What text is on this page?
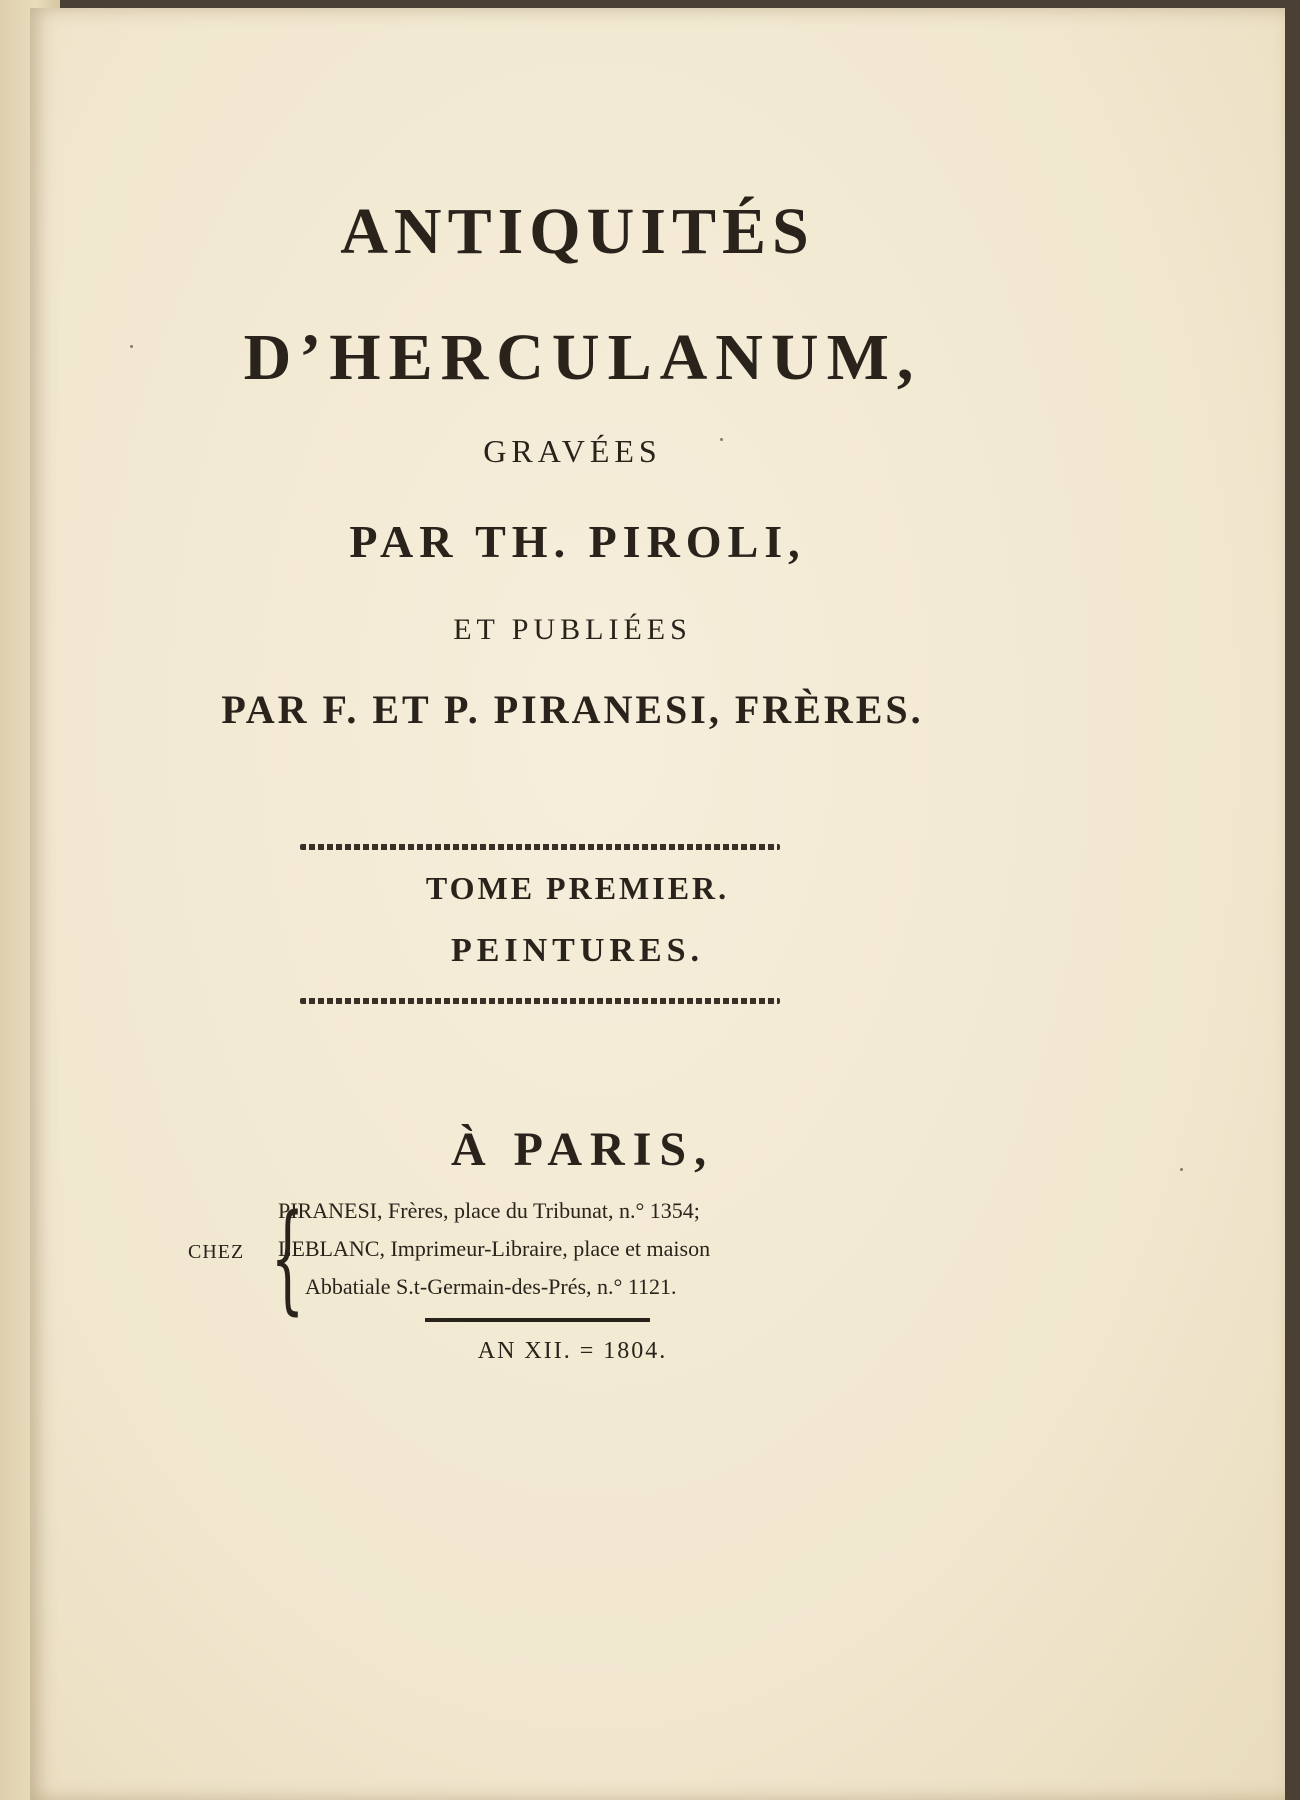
ANTIQUITÉS
D’HERCULANUM,
GRAVÉES
PAR TH. PIROLI,
ET PUBLIÉES
PAR F. ET P. PIRANESI, FRÈRES.
TOME PREMIER.
PEINTURES.
À PARIS,
CHEZ {
PIRANESI, Frères, place du Tribunat, n.° 1354;
LEBLANC, Imprimeur-Libraire, place et maison
Abbatiale S.t-Germain-des-Prés, n.° 1121.
AN XII. = 1804.
